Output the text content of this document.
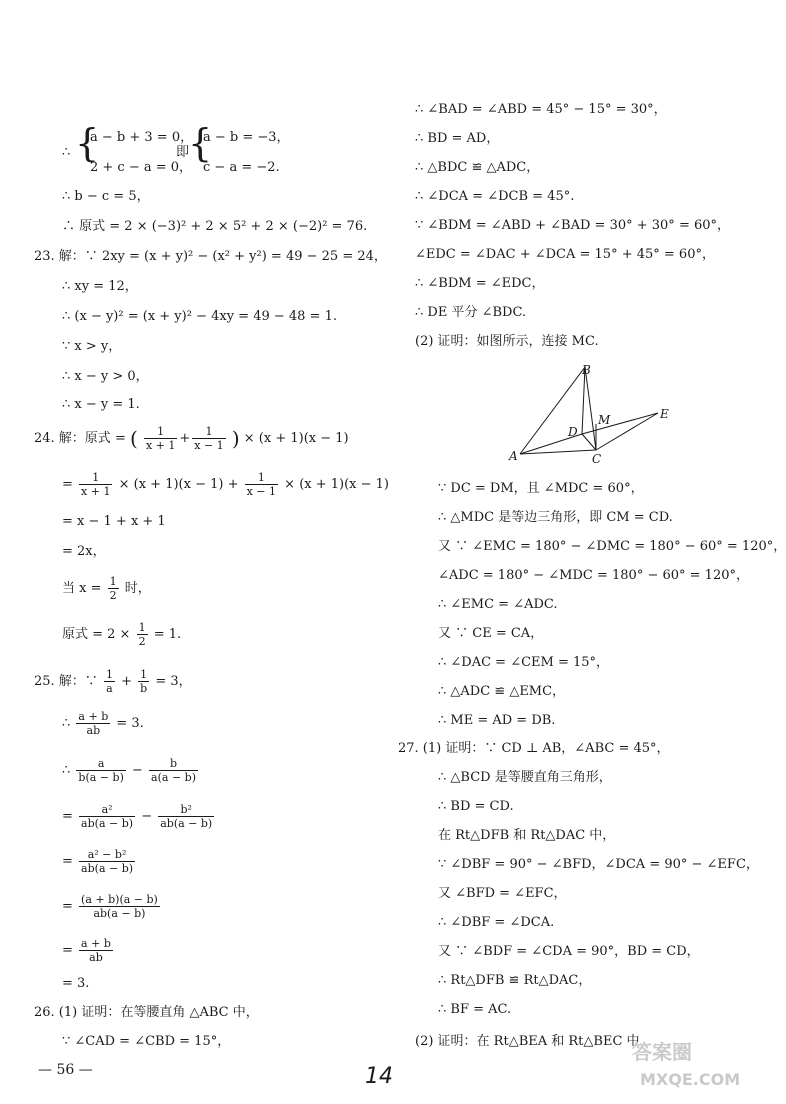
{
∴
a − b + 3 = 0，
2 + c − a = 0，
即
{
a − b = −3，
c − a = −2.
∴ b − c = 5，
∴ 原式 = 2 × (−3)² + 2 × 5² + 2 × (−2)² = 76.
23. 解：∵ 2xy = (x + y)² − (x² + y²) = 49 − 25 = 24，
∴ xy = 12，
∴ (x − y)² = (x + y)² − 4xy = 49 − 48 = 1.
∵ x > y，
∴ x − y > 0，
∴ x − y = 1.
24. 解：原式 = ( $\frac{1}{x + 1} + \frac{1}{x - 1}$ ) × (x + 1)(x − 1)
= $\frac{1}{x + 1} \times (x + 1)(x - 1) + \frac{1}{x - 1} \times (x + 1)(x - 1)$
= x − 1 + x + 1
= 2x，
当 $x = \frac{1}{2}$ 时，
原式 = $2 \times \frac{1}{2} = 1$.
25. 解：∵ $\frac{1}{a} + \frac{1}{b} = 3$，
∴ $\frac{a + b}{ab} = 3$.
∴ $\frac{a}{b(a - b)} - \frac{b}{a(a - b)}$
= $\frac{\text{a²}}{ab(a - b)} - \frac{\text{b²}}{ab(a - b)}$
= $\frac{\text{a² − b²}}{ab(a - b)}$
= $\frac{(a + b)(a - b)}{ab(a - b)}$
= $\frac{a + b}{ab}$
= 3.
26. (1) 证明：在等腰直角 △ABC 中，
∵ ∠CAD = ∠CBD = 15°，
— 56 —
∴ ∠BAD = ∠ABD = 45° − 15° = 30°，
∴ BD = AD，
∴ △BDC ≌ △ADC，
∴ ∠DCA = ∠DCB = 45°.
∵ ∠BDM = ∠ABD + ∠BAD = 30° + 30° = 60°，
∠EDC = ∠DAC + ∠DCA = 15° + 45° = 60°，
∴ ∠BDM = ∠EDC，
∴ DE 平分 ∠BDC.
(2) 证明：如图所示，连接 MC.
B
E
D
M
A	C
∵ DC = DM，且 ∠MDC = 60°，
∴ △MDC 是等边三角形，即 CM = CD.
又 ∵ ∠EMC = 180° − ∠DMC = 180° − 60° = 120°，
∠ADC = 180° − ∠MDC = 180° − 60° = 120°，
∴ ∠EMC = ∠ADC.
又 ∵ CE = CA，
∴ ∠DAC = ∠CEM = 15°，
∴ △ADC ≌ △EMC，
∴ ME = AD = DB.
27. (1) 证明：∵ CD ⊥ AB，∠ABC = 45°，
∴ △BCD 是等腰直角三角形，
∴ BD = CD.
在 Rt△DFB 和 Rt△DAC 中，
∵ ∠DBF = 90° − ∠BFD，∠DCA = 90° − ∠EFC，
又 ∠BFD = ∠EFC，
∴ ∠DBF = ∠DCA.
又 ∵ ∠BDF = ∠CDA = 90°，BD = CD，
∴ Rt△DFB ≌ Rt△DAC，
∴ BF = AC.
(2) 证明：在 Rt△BEA 和 Rt△BEC 中
14
答案圈
MXQE.COM
